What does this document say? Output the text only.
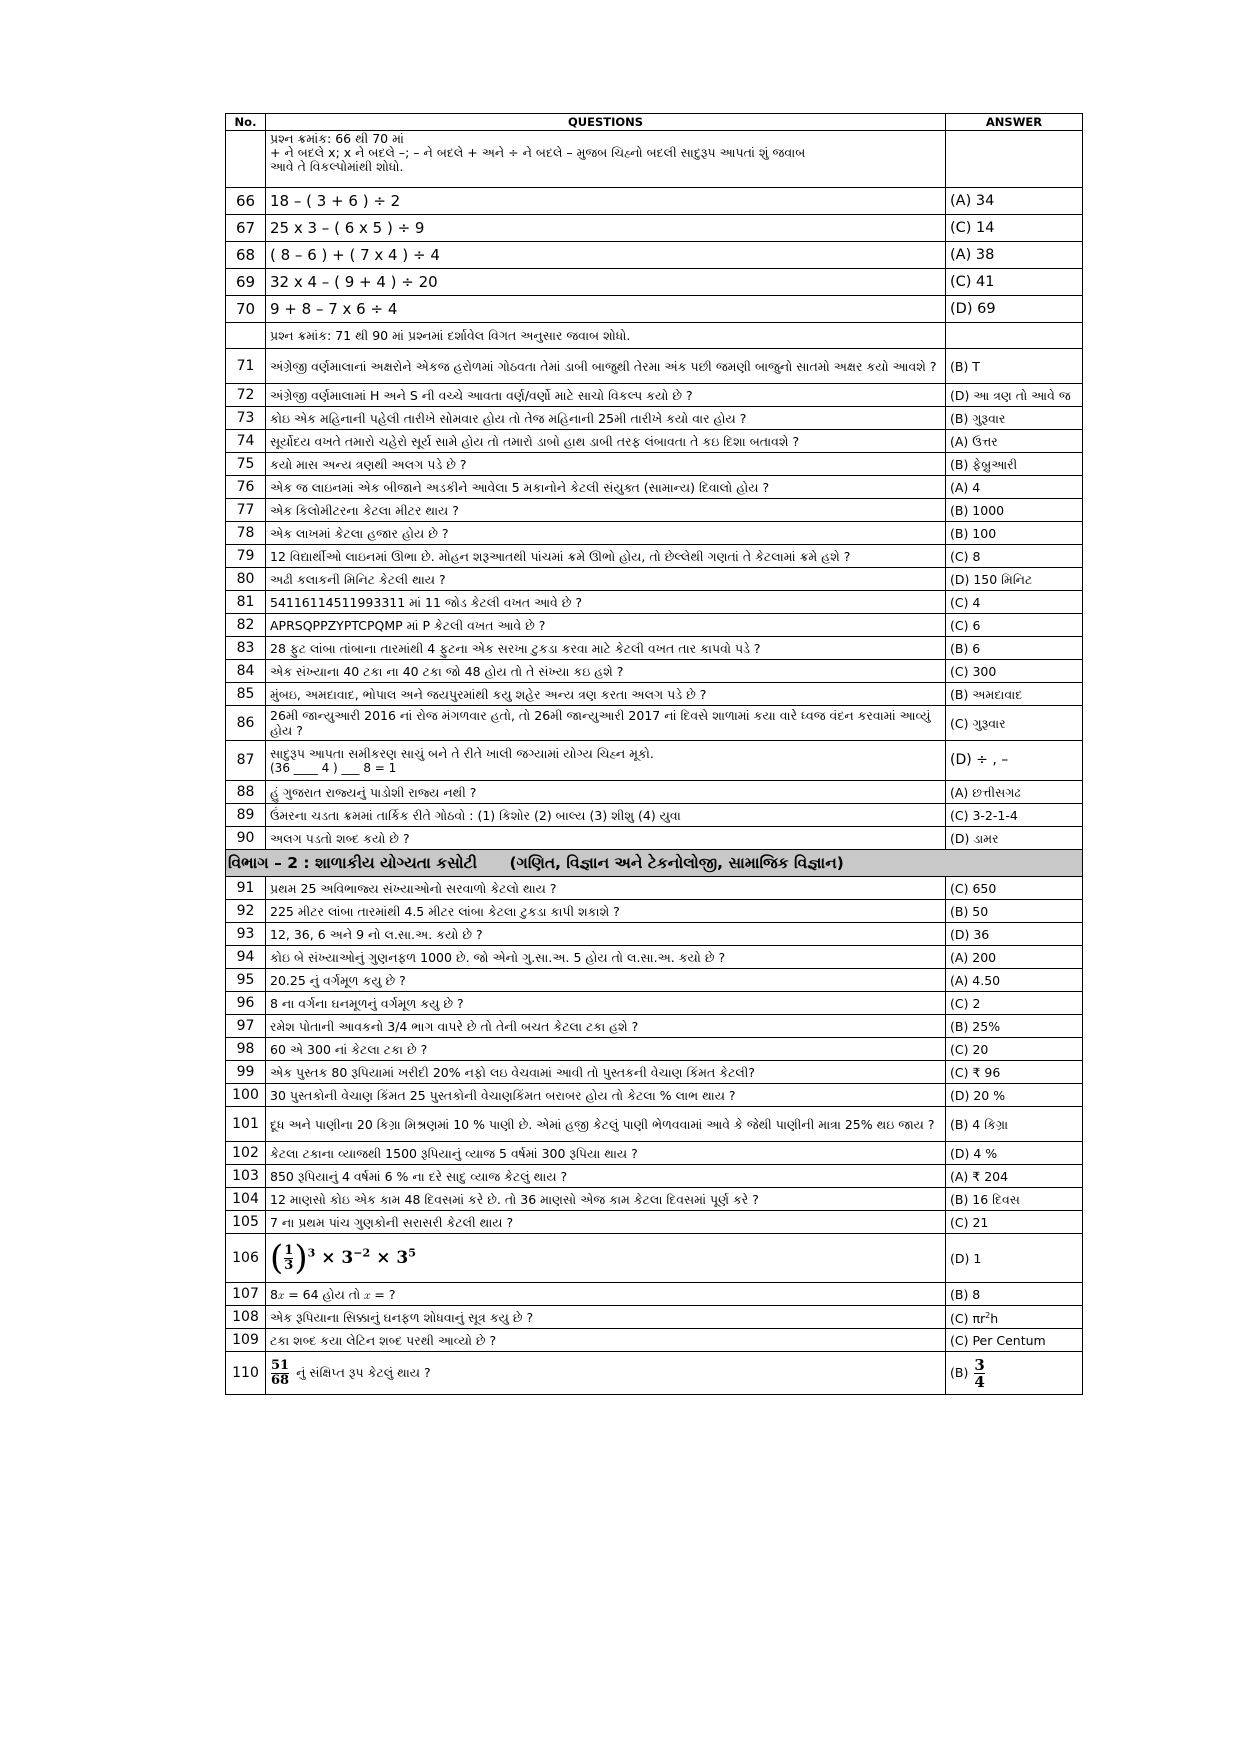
No.	QUESTIONS	ANSWER

	પ્રશ્ન ક્રમાંક: 66 થી 70 માં
+ ને બદલે x; x ને બદલે –; – ને બદલે + અને ÷ ને બદલે – મુજબ ચિહ્નો બદલી સાદુરૂપ આપતાં શું જવાબ
આવે તે વિકલ્પોમાંથી શોધો.	

66	18 – ( 3 + 6 ) ÷ 2	(A) 34
67	25 x 3 – ( 6 x 5 ) ÷ 9	(C) 14
68	( 8 – 6 ) + ( 7 x 4 ) ÷ 4	(A) 38
69	32 x 4 – ( 9 + 4 ) ÷ 20	(C) 41
70	9 + 8 – 7 x 6 ÷ 4	(D) 69
	પ્રશ્ન ક્રમાંક: 71 થી 90 માં પ્રશ્નમાં દર્શાવેલ વિગત અનુસાર જવાબ શોધો.	
71	અંગ્રેજી વર્ણમાલાનાં અક્ષરોને એકજ હરોળમાં ગોઠવતા તેમાં ડાબી બાજુથી તેરમા અંક પછી જમણી બાજુનો સાતમો અક્ષર કયો આવશે ?	(B) T
72	અંગ્રેજી વર્ણમાલામાં H અને S ની વચ્ચે આવતા વર્ણ/વર્ણો માટે સાચો વિકલ્પ કયો છે ?	(D) આ ત્રણ તો આવે જ
73	કોઇ એક મહિનાની પહેલી તારીખે સોમવાર હોય તો તેજ મહિનાની 25મી તારીખે કયો વાર હોય ?	(B) ગુરૂવાર
74	સૂર્યોદય વખતે તમારો ચહેરો સૂર્ય સામે હોય તો તમારો ડાબો હાથ ડાબી તરફ લંબાવતા તે કઇ દિશા બતાવશે ?	(A) ઉત્તર
75	કયો માસ અન્ય ત્રણથી અલગ પડે છે ?	(B) ફેબ્રુઆરી
76	એક જ લાઇનમાં એક બીજાને અડકીને આવેલા 5 મકાનોને કેટલી સંયુક્ત (સામાન્ય) દિવાલો હોય ?	(A) 4
77	એક કિલોમીટરના કેટલા મીટર થાય ?	(B) 1000
78	એક લાખમાં કેટલા હજાર હોય છે ?	(B) 100
79	12 વિદ્યાર્થીઓ લાઇનમાં ઊભા છે. મોહન શરૂઆતથી પાંચમાં ક્રમે ઊભો હોય, તો છેલ્લેથી ગણતાં તે કેટલામાં ક્રમે હશે ?	(C) 8
80	અઢી કલાકની મિનિટ કેટલી થાય ?	(D) 150 મિનિટ
81	54116114511993311 માં 11 જોડ કેટલી વખત આવે છે ?	(C) 4
82	APRSQPPZYPTCPQMP માં P કેટલી વખત આવે છે ?	(C) 6
83	28 ફુટ લાંબા તાંબાના તારમાંથી 4 ફુટના એક સરખા ટુકડા કરવા માટે કેટલી વખત તાર કાપવો પડે ?	(B) 6
84	એક સંખ્યાના 40 ટકા ના 40 ટકા જો 48 હોય તો તે સંખ્યા કઇ હશે ?	(C) 300
85	મુંબઇ, અમદાવાદ, ભોપાલ અને જયપુરમાંથી કયુ શહેર અન્ય ત્રણ કરતા અલગ પડે છે ?	(B) અમદાવાદ
86	26મી જાન્યુઆરી 2016 નાં રોજ મંગળવાર હતો, તો 26મી જાન્યુઆરી 2017 નાં દિવસે શાળામાં કયા વારે ધ્વજ વંદન કરવામાં આવ્યું હોય ?	(C) ગુરૂવાર
87	સાદુરૂપ આપતા સમીકરણ સાચું બને તે રીતે ખાલી જગ્યામાં યોગ્ય ચિહ્ન મૂકો.
(36 ____ 4 ) ___ 8 = 1	(D) ÷ , –
88	હું ગુજરાત રાજ્યનું પાડોશી રાજ્ય નથી ?	(A) છત્તીસગઢ
89	ઉંમરના ચડતા ક્રમમાં તાર્કિક રીતે ગોઠવો : (1) કિશોર (2) બાલ્ય (3) શીશુ (4) યુવા	(C) 3-2-1-4
90	અલગ પડતો શબ્દ કયો છે ?	(D) ડામર
વિભાગ – 2 : શાળાકીય યોગ્યતા કસોટી      (ગણિત, વિજ્ઞાન અને ટેકનોલોજી, સામાજિક વિજ્ઞાન)		
91	પ્રથમ 25 અવિભાજ્ય સંખ્યાઓનો સરવાળો કેટલો થાય ?	(C) 650
92	225 મીટર લાંબા તારમાંથી 4.5 મીટર લાંબા કેટલા ટુકડા કાપી શકાશે ?	(B) 50
93	12, 36, 6 અને 9 નો લ.સા.અ. કયો છે ?	(D) 36
94	કોઇ બે સંખ્યાઓનું ગુણનફળ 1000 છે. જો એનો ગુ.સા.અ. 5 હોય તો લ.સા.અ. કયો છે ?	(A) 200
95	20.25 નું વર્ગમૂળ કયુ છે ?	(A) 4.50
96	8 ના વર્ગના ઘનમૂળનું વર્ગમૂળ કયુ છે ?	(C) 2
97	રમેશ પોતાની આવકનો 3/4 ભાગ વાપરે છે તો તેની બચત કેટલા ટકા હશે ?	(B) 25%
98	60 એ 300 નાં કેટલા ટકા છે ?	(C) 20
99	એક પુસ્તક 80 રૂપિયામાં ખરીદી 20% નફો લઇ વેચવામાં આવી તો પુસ્તકની વેચાણ કિંમત કેટલી?	(C) ₹ 96
100	30 પુસ્તકોની વેચાણ કિંમત 25 પુસ્તકોની વેચાણકિંમત બરાબર હોય તો કેટલા % લાભ થાય ?	(D) 20 %
101	દૂધ અને પાણીના 20 કિગ્રા મિશ્રણમાં 10 % પાણી છે. એમાં હજી કેટલું પાણી ભેળવવામાં આવે કે જેથી પાણીની માત્રા 25% થઇ જાય ?	(B) 4 કિગ્રા
102	કેટલા ટકાના વ્યાજથી 1500 રૂપિયાનું વ્યાજ 5 વર્ષમાં 300 રૂપિયા થાય ?	(D) 4 %
103	850 રૂપિયાનું 4 વર્ષમાં 6 % ના દરે સાદુ વ્યાજ કેટલું થાય ?	(A) ₹ 204
104	12 માણસો કોઇ એક કામ 48 દિવસમાં કરે છે. તો 36 માણસો એજ કામ કેટલા દિવસમાં પૂર્ણ કરે ?	(B) 16 દિવસ
105	7 ના પ્રથમ પાંચ ગુણકોની સરાસરી કેટલી થાય ?	(C) 21
106	( $\frac{1}{3} )^3 \times 3^{-2} \times 3^5$	(D) 1
107	8𝑥 = 64 હોય તો 𝑥 = ?	(B) 8
108	એક રૂપિયાના સિક્કાનું ઘનફળ શોધવાનું સૂત્ર કયુ છે ?	(C) $\pi r^2h$
109	ટકા શબ્દ કયા લેટિન શબ્દ પરથી આવ્યો છે ?	(C) Per Centum
110	$\frac{51}{68}$ નું સંક્ષિપ્ત રૂપ કેટલું થાય ?	$(B) \frac{3}{4}$
